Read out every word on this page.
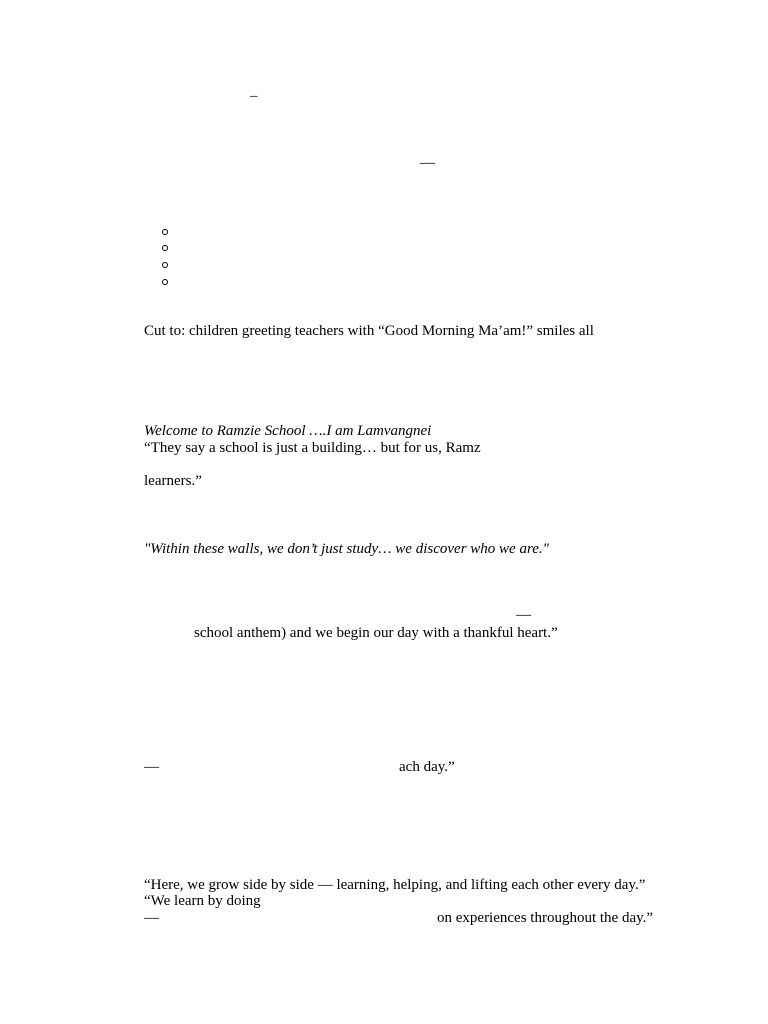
–
—
Cut to: children greeting teachers with “Good Morning Ma’am!” smiles all
Welcome to Ramzie School ….I am Lamvangnei
“They say a school is just a building… but for us, Ramz
learners.”
"Within these walls, we don’t just study… we discover who we are."
—
school anthem) and we begin our day with a thankful heart.”
—	ach day.”
“Here, we grow side by side — learning, helping, and lifting each other every day.”
“We learn by doing
—	on experiences throughout the day.”
